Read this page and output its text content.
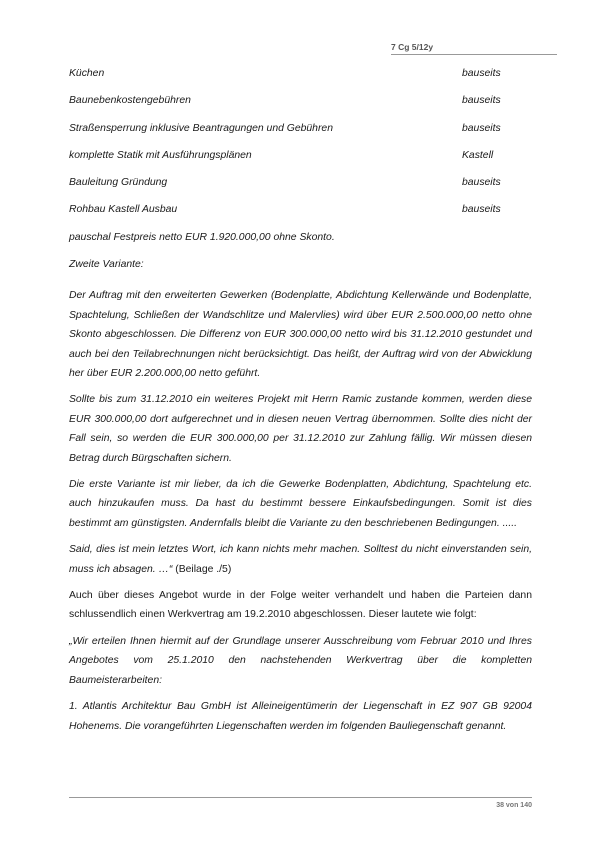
7 Cg 5/12y
Küchen	bauseits
Baunebenkostengebühren	bauseits
Straßensperrung inklusive Beantragungen und Gebühren	bauseits
komplette Statik mit Ausführungsplänen	Kastell
Bauleitung Gründung	bauseits
Rohbau Kastell Ausbau	bauseits
pauschal Festpreis netto EUR 1.920.000,00 ohne Skonto.
Zweite Variante:

Der Auftrag mit den erweiterten Gewerken (Bodenplatte, Abdichtung Kellerwände und Bodenplatte, Spachtelung, Schließen der Wandschlitze und Malervlies) wird über EUR 2.500.000,00 netto ohne Skonto abgeschlossen. Die Differenz von EUR 300.000,00 netto wird bis 31.12.2010 gestundet und auch bei den Teilabrechnungen nicht berücksichtigt. Das heißt, der Auftrag wird von der Abwicklung her über EUR 2.200.000,00 netto geführt.

Sollte bis zum 31.12.2010 ein weiteres Projekt mit Herrn Ramic zustande kommen, werden diese EUR 300.000,00 dort aufgerechnet und in diesen neuen Vertrag übernommen. Sollte dies nicht der Fall sein, so werden die EUR 300.000,00 per 31.12.2010 zur Zahlung fällig. Wir müssen diesen Betrag durch Bürgschaften sichern.

Die erste Variante ist mir lieber, da ich die Gewerke Bodenplatten, Abdichtung, Spachtelung etc. auch hinzukaufen muss. Da hast du bestimmt bessere Einkaufsbedingungen. Somit ist dies bestimmt am günstigsten. Andernfalls bleibt die Variante zu den beschriebenen Bedingungen. .....

Said, dies ist mein letztes Wort, ich kann nichts mehr machen. Solltest du nicht einverstanden sein, muss ich absagen. …“ (Beilage ./5)

Auch über dieses Angebot wurde in der Folge weiter verhandelt und haben die Parteien dann schlussendlich einen Werkvertrag am 19.2.2010 abgeschlossen. Dieser lautete wie folgt:

„Wir erteilen Ihnen hiermit auf der Grundlage unserer Ausschreibung vom Februar 2010 und Ihres Angebotes vom 25.1.2010 den nachstehenden Werkvertrag über die kompletten Baumeisterarbeiten:

1. Atlantis Architektur Bau GmbH ist Alleineigentümerin der Liegenschaft in EZ 907 GB 92004 Hohenems. Die vorangeführten Liegenschaften werden im folgenden Bauliegenschaft genannt.

38 von 140
